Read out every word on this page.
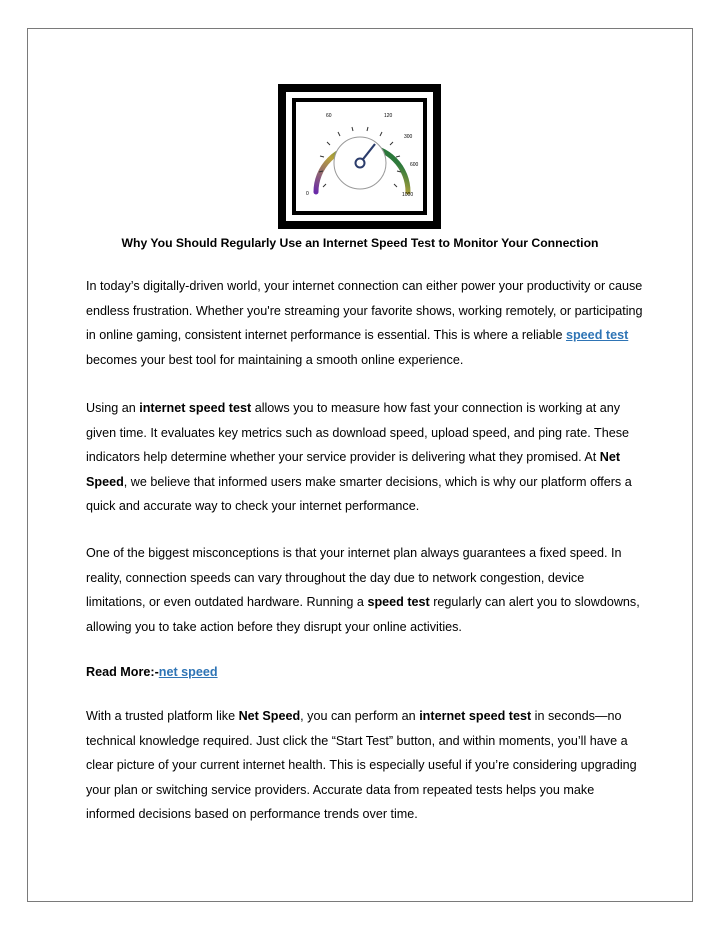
0
60	120
300
600
1000
Why You Should Regularly Use an Internet Speed Test to Monitor Your Connection

In today’s digitally-driven world, your internet connection can either power your productivity or cause endless frustration. Whether you're streaming your favorite shows, working remotely, or participating in online gaming, consistent internet performance is essential. This is where a reliable speed test becomes your best tool for maintaining a smooth online experience.

Using an internet speed test allows you to measure how fast your connection is working at any given time. It evaluates key metrics such as download speed, upload speed, and ping rate. These indicators help determine whether your service provider is delivering what they promised. At Net Speed, we believe that informed users make smarter decisions, which is why our platform offers a quick and accurate way to check your internet performance.

One of the biggest misconceptions is that your internet plan always guarantees a fixed speed. In reality, connection speeds can vary throughout the day due to network congestion, device limitations, or even outdated hardware. Running a speed test regularly can alert you to slowdowns, allowing you to take action before they disrupt your online activities.

Read More:-net speed

With a trusted platform like Net Speed, you can perform an internet speed test in seconds—no technical knowledge required. Just click the “Start Test” button, and within moments, you’ll have a clear picture of your current internet health. This is especially useful if you’re considering upgrading your plan or switching service providers. Accurate data from repeated tests helps you make informed decisions based on performance trends over time.
